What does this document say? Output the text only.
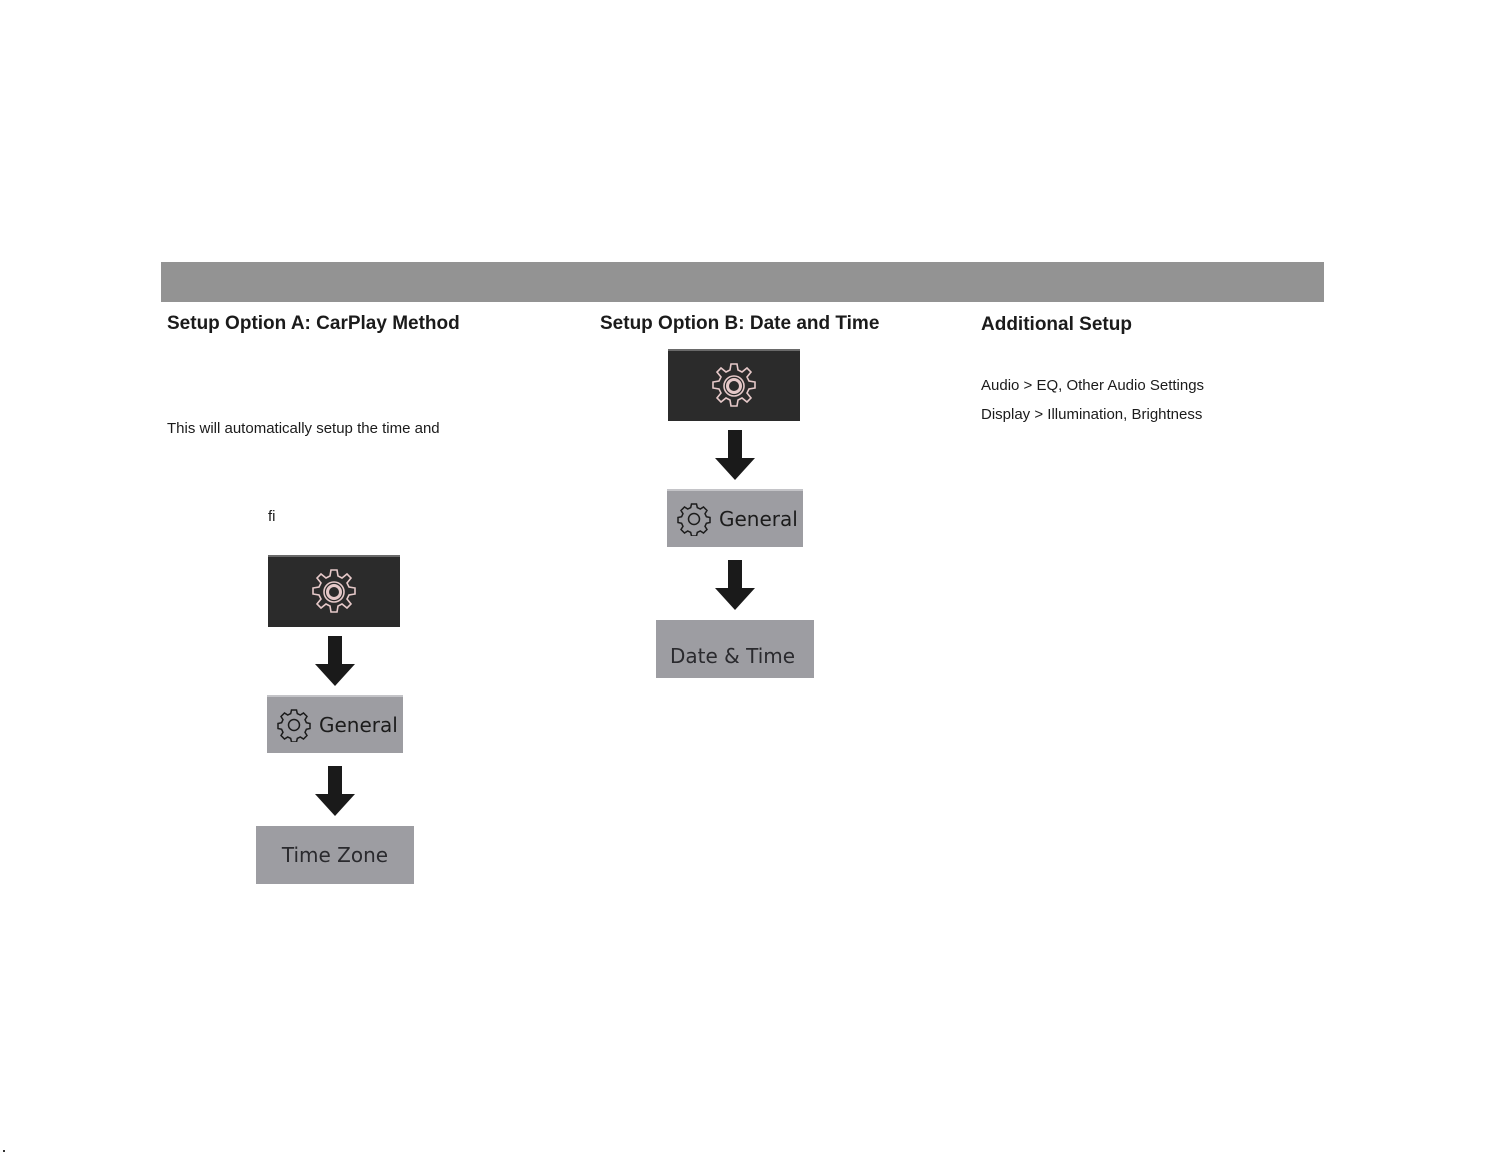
Setup Option A: CarPlay Method
This will automatically setup the time and
fi
General
Time Zone
Setup Option B: Date and Time
General
Date & Time
Additional Setup
Audio > EQ, Other Audio Settings
Display > Illumination, Brightness
